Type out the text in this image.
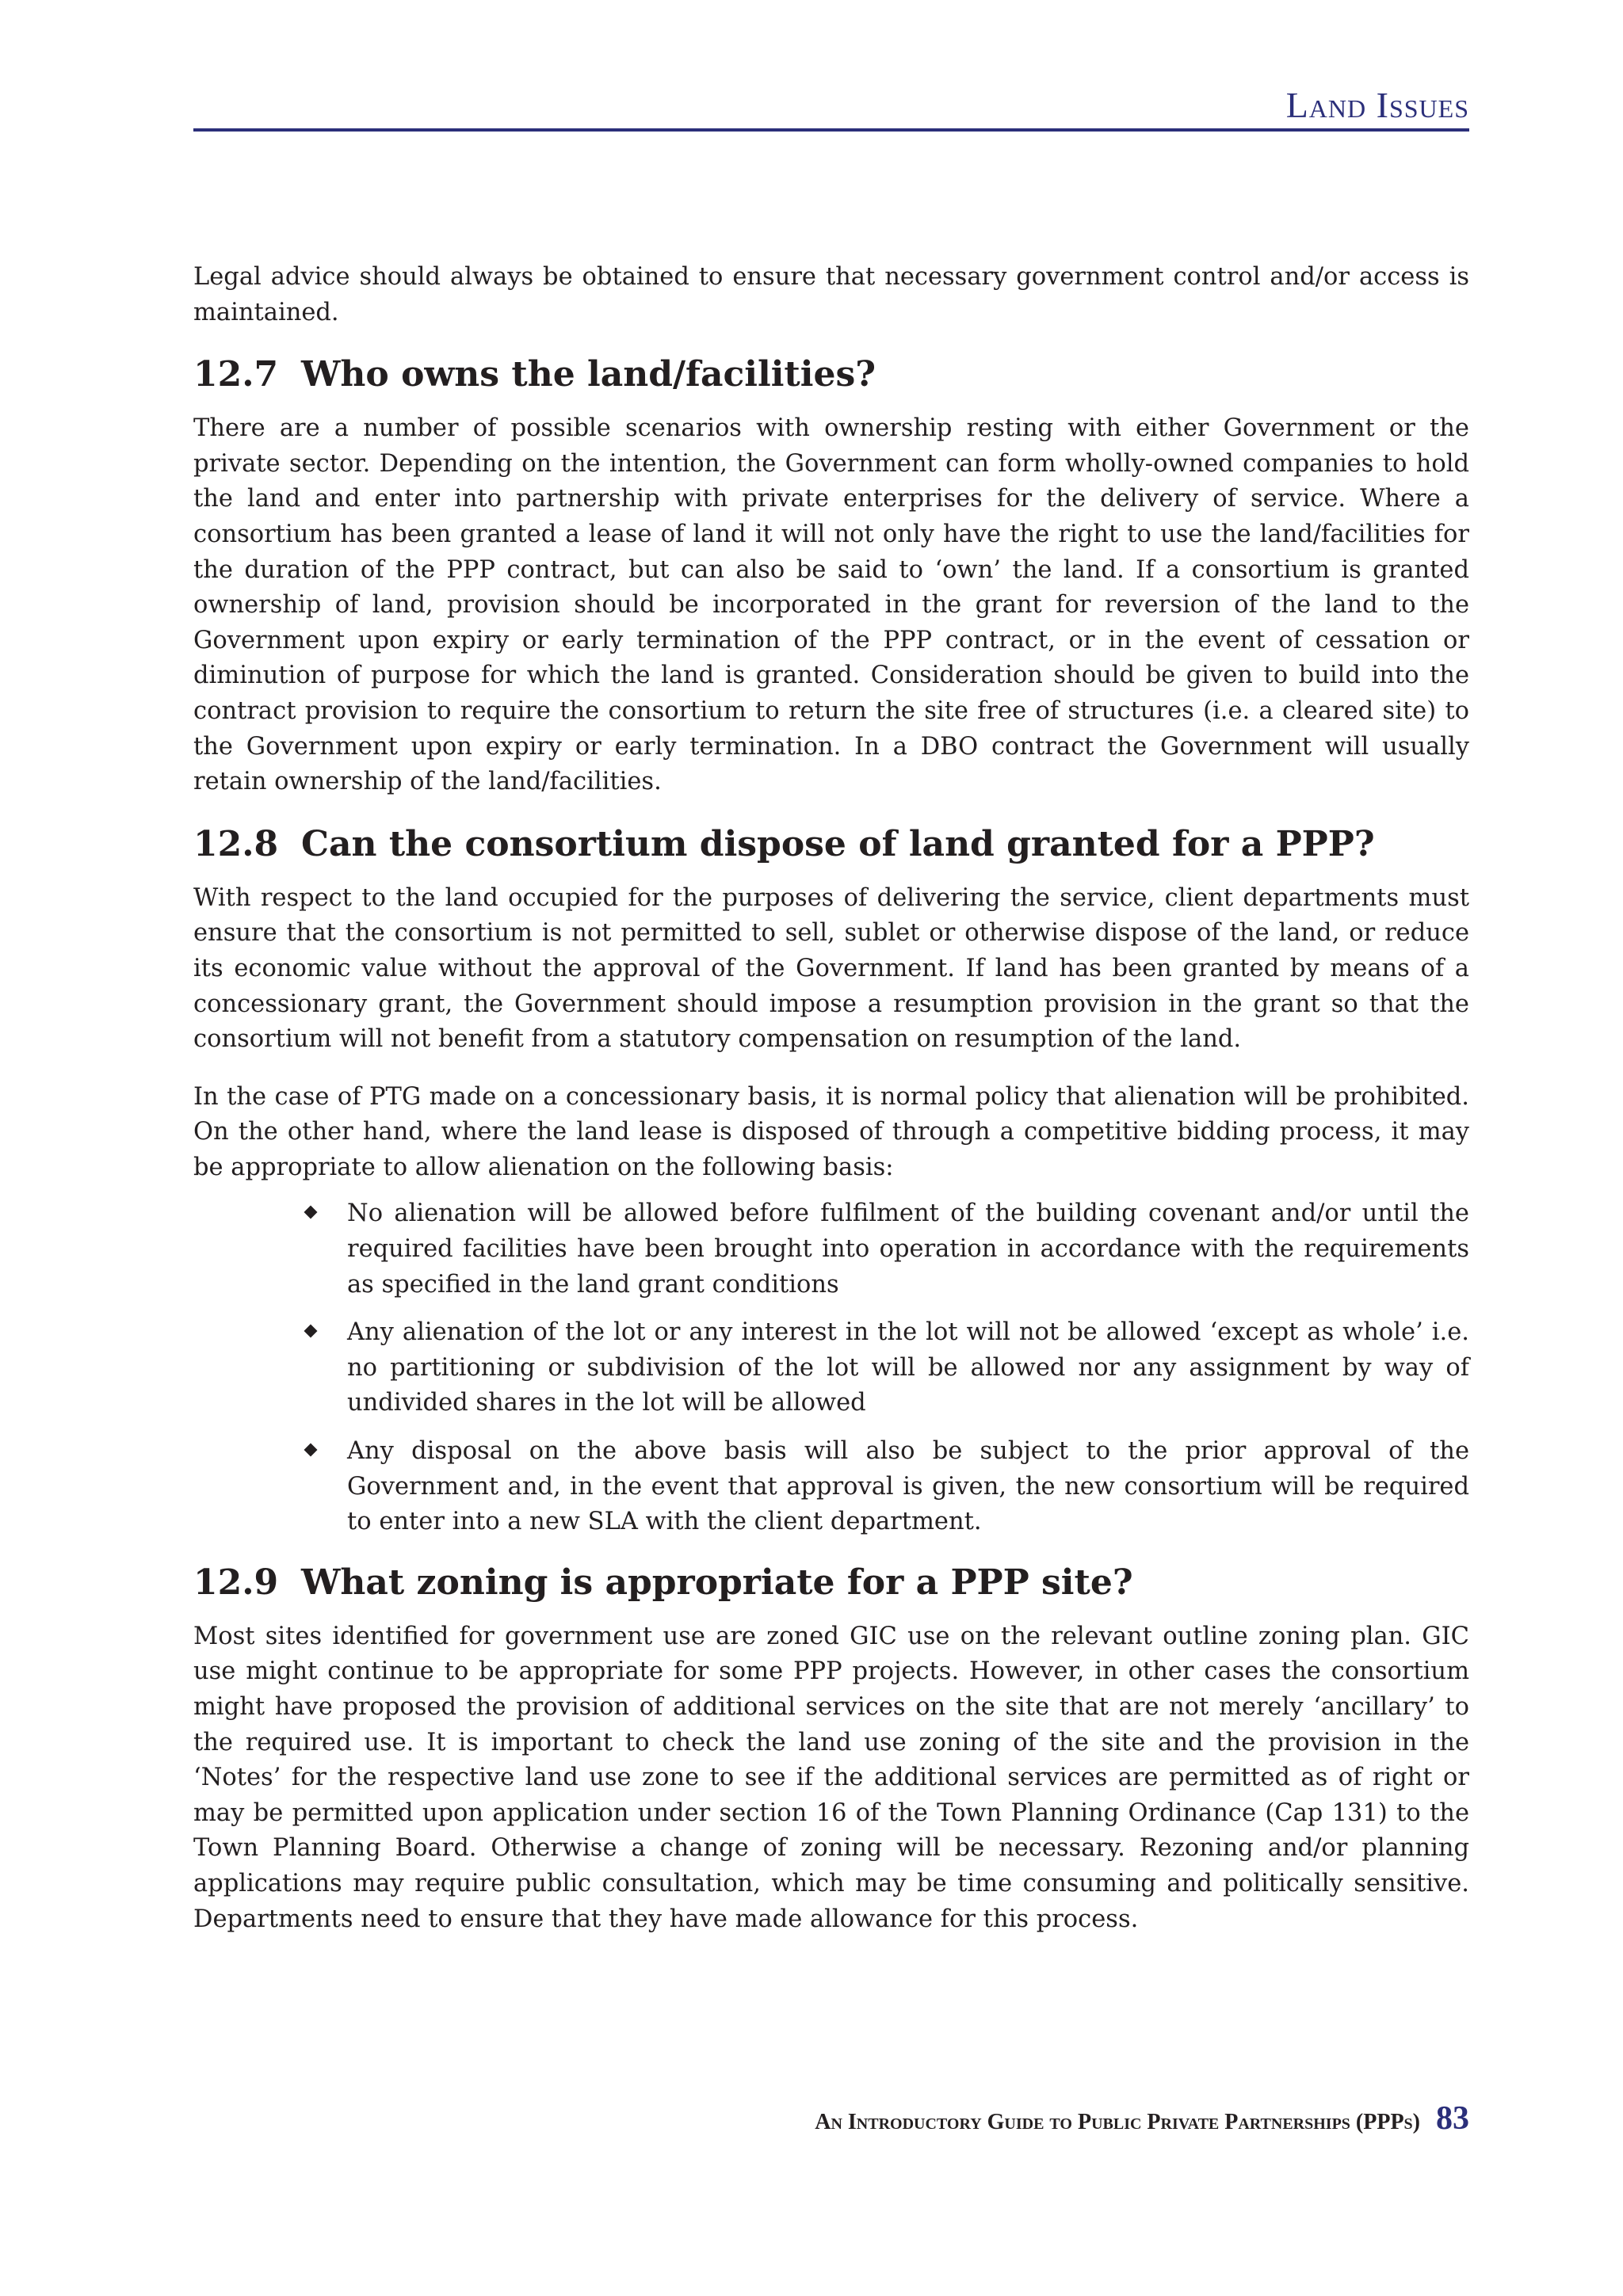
Land Issues

Legal advice should always be obtained to ensure that necessary government control and/or access is maintained.

12.7 Who owns the land/facilities?

There are a number of possible scenarios with ownership resting with either Government or the private sector. Depending on the intention, the Government can form wholly-owned companies to hold the land and enter into partnership with private enterprises for the delivery of service. Where a consortium has been granted a lease of land it will not only have the right to use the land/facilities for the duration of the PPP contract, but can also be said to ‘own’ the land. If a consortium is granted ownership of land, provision should be incorporated in the grant for reversion of the land to the Government upon expiry or early termination of the PPP contract, or in the event of cessation or diminution of purpose for which the land is granted. Consideration should be given to build into the contract provision to require the consortium to return the site free of structures (i.e. a cleared site) to the Government upon expiry or early termination. In a DBO contract the Government will usually retain ownership of the land/facilities.

12.8 Can the consortium dispose of land granted for a PPP?

With respect to the land occupied for the purposes of delivering the service, client departments must ensure that the consortium is not permitted to sell, sublet or otherwise dispose of the land, or reduce its economic value without the approval of the Government. If land has been granted by means of a concessionary grant, the Government should impose a resumption provision in the grant so that the consortium will not benefit from a statutory compensation on resumption of the land.

In the case of PTG made on a concessionary basis, it is normal policy that alienation will be prohibited. On the other hand, where the land lease is disposed of through a competitive bidding process, it may be appropriate to allow alienation on the following basis:

No alienation will be allowed before fulfilment of the building covenant and/or until the required facilities have been brought into operation in accordance with the requirements as specified in the land grant conditions
Any alienation of the lot or any interest in the lot will not be allowed ‘except as whole’ i.e. no partitioning or subdivision of the lot will be allowed nor any assignment by way of undivided shares in the lot will be allowed
Any disposal on the above basis will also be subject to the prior approval of the Government and, in the event that approval is given, the new consortium will be required to enter into a new SLA with the client department.
12.9 What zoning is appropriate for a PPP site?

Most sites identified for government use are zoned GIC use on the relevant outline zoning plan. GIC use might continue to be appropriate for some PPP projects. However, in other cases the consortium might have proposed the provision of additional services on the site that are not merely ‘ancillary’ to the required use. It is important to check the land use zoning of the site and the provision in the ‘Notes’ for the respective land use zone to see if the additional services are permitted as of right or may be permitted upon application under section 16 of the Town Planning Ordinance (Cap 131) to the Town Planning Board. Otherwise a change of zoning will be necessary. Rezoning and/or planning applications may require public consultation, which may be time consuming and politically sensitive. Departments need to ensure that they have made allowance for this process.

An Introductory Guide to Public Private Partnerships (PPPs) 83
